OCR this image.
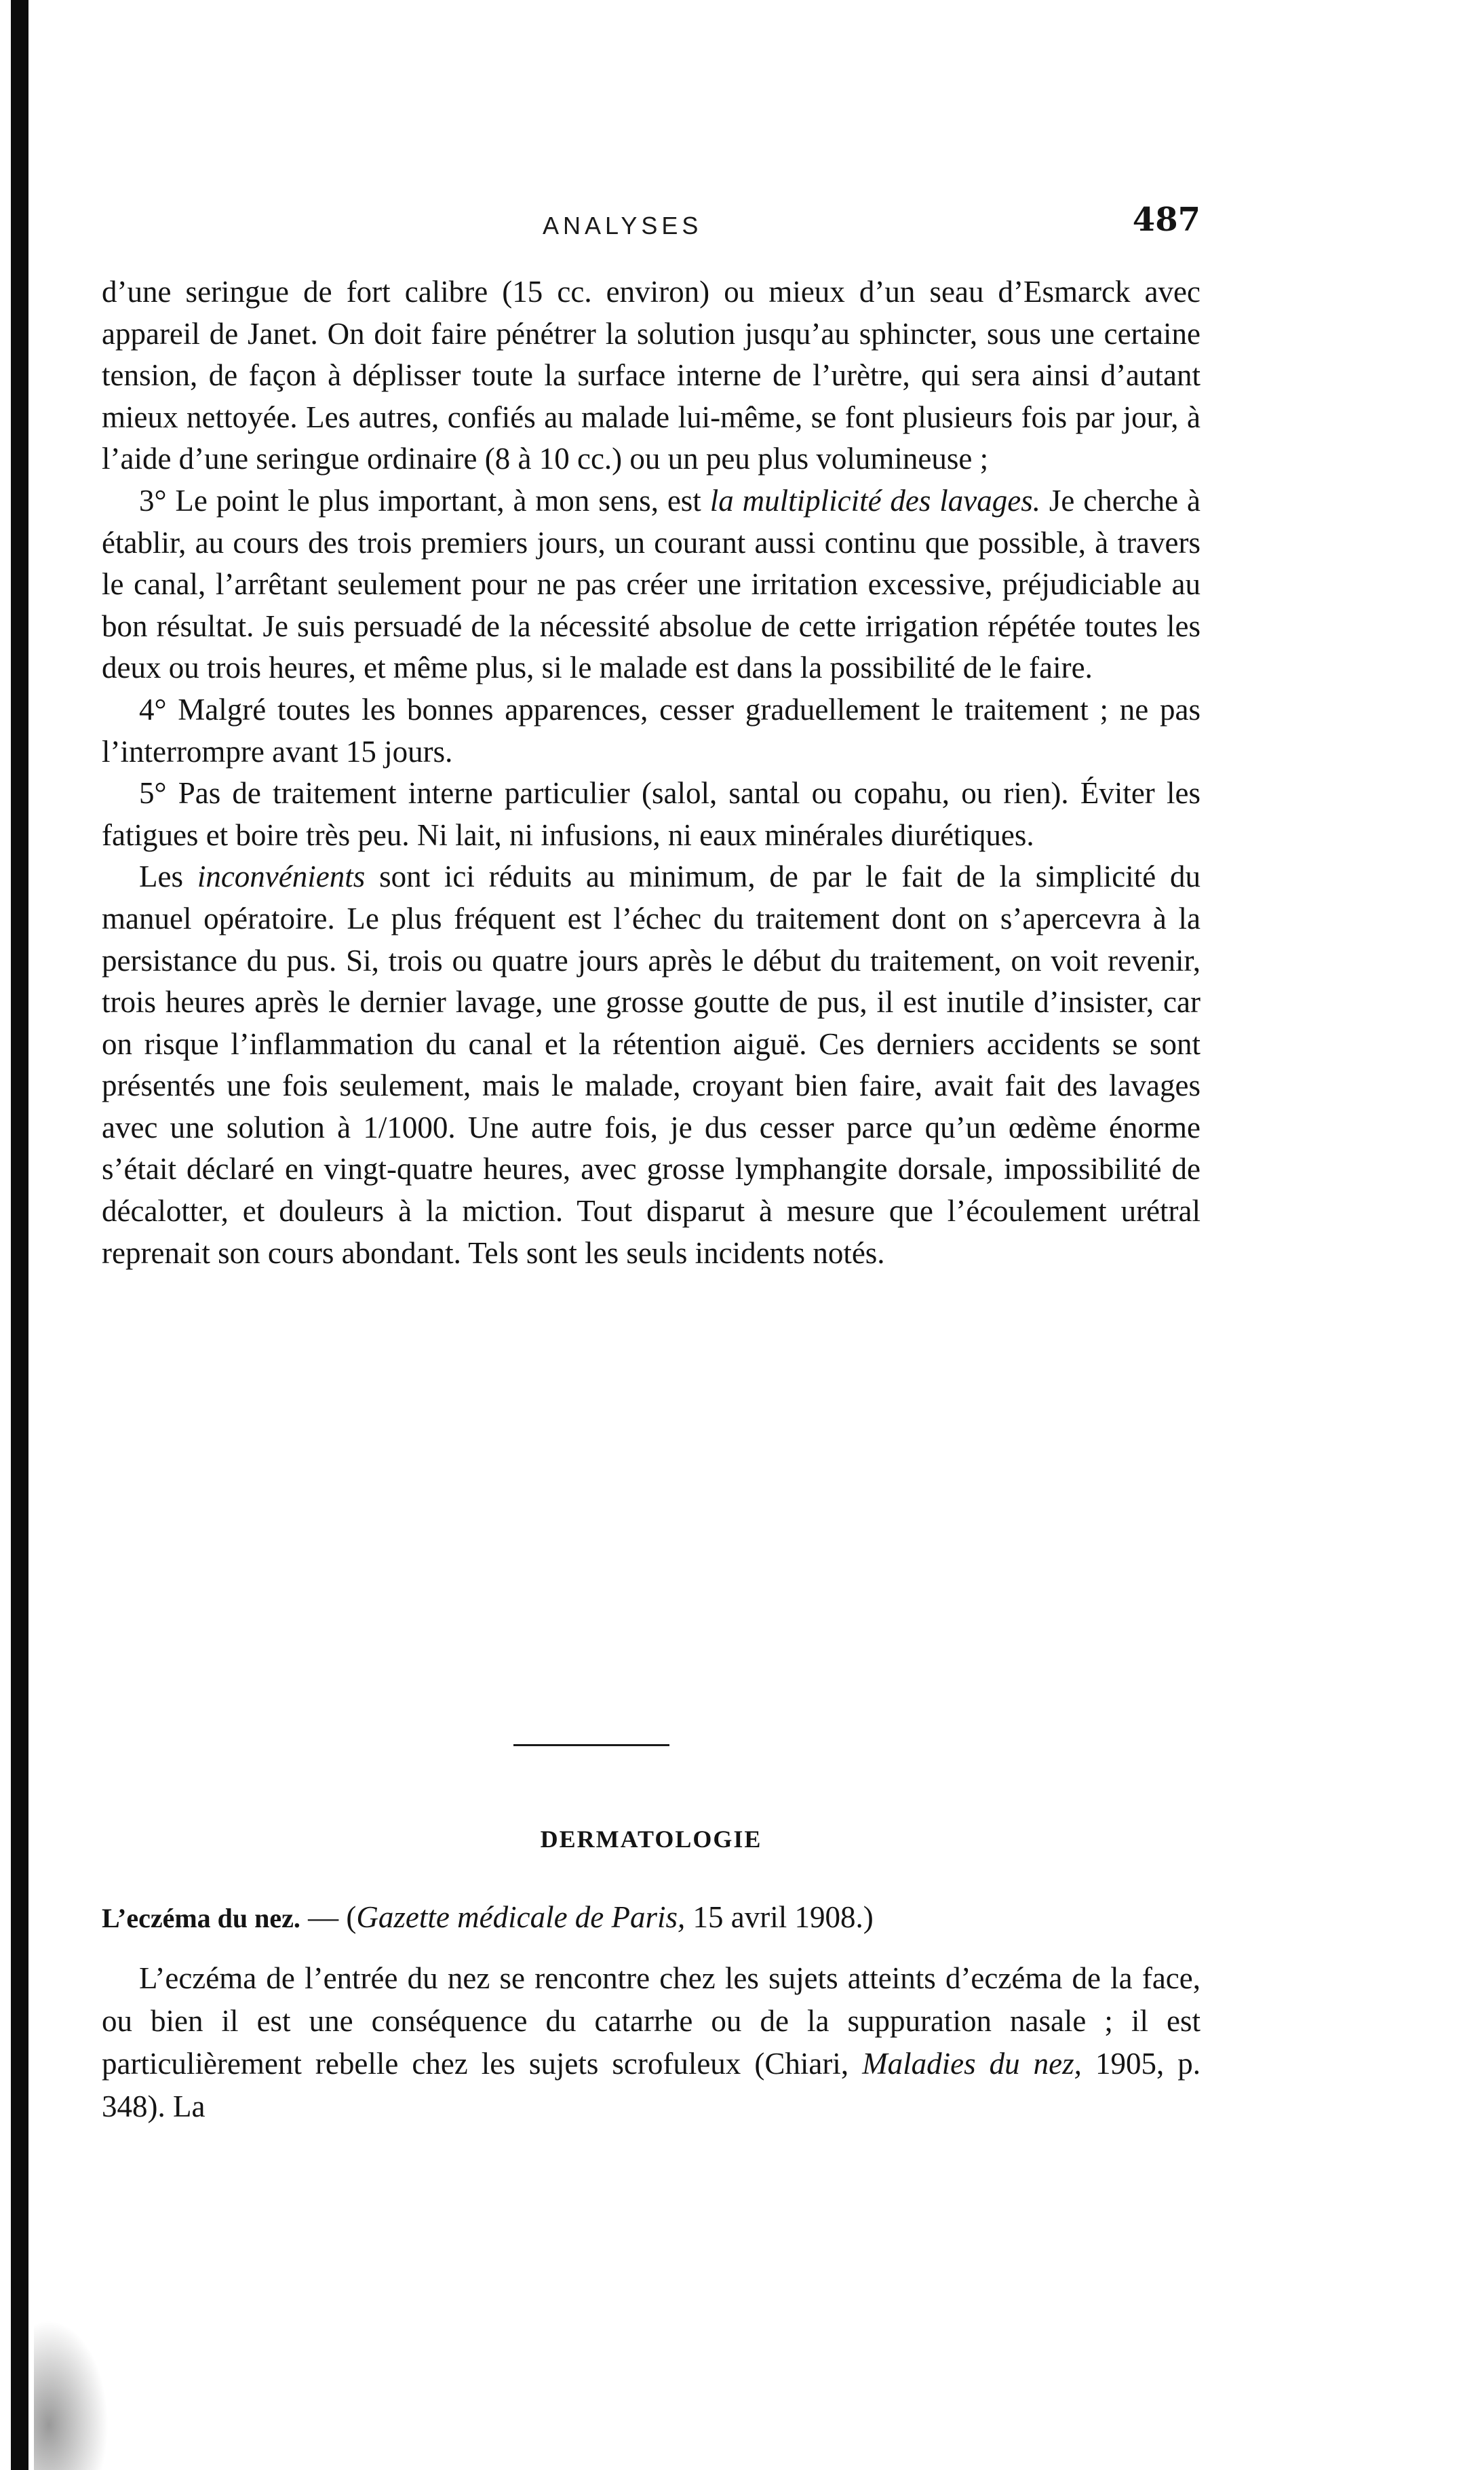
ANALYSES	487

d’une seringue de fort calibre (15 cc. environ) ou mieux d’un seau d’Esmarck avec appareil de Janet. On doit faire pénétrer la solution jusqu’au sphincter, sous une certaine tension, de façon à déplisser toute la surface interne de l’urètre, qui sera ainsi d’autant mieux nettoyée. Les autres, confiés au malade lui-même, se font plusieurs fois par jour, à l’aide d’une seringue ordinaire (8 à 10 cc.) ou un peu plus volumineuse ;

3° Le point le plus important, à mon sens, est la multiplicité des lavages. Je cherche à établir, au cours des trois premiers jours, un courant aussi continu que possible, à travers le canal, l’arrêtant seulement pour ne pas créer une irritation excessive, préjudiciable au bon résultat. Je suis persuadé de la nécessité absolue de cette irrigation répétée toutes les deux ou trois heures, et même plus, si le malade est dans la possibilité de le faire.

4° Malgré toutes les bonnes apparences, cesser graduellement le traitement ; ne pas l’interrompre avant 15 jours.

5° Pas de traitement interne particulier (salol, santal ou copahu, ou rien). Éviter les fatigues et boire très peu. Ni lait, ni infusions, ni eaux minérales diurétiques.

Les inconvénients sont ici réduits au minimum, de par le fait de la simplicité du manuel opératoire. Le plus fréquent est l’échec du traitement dont on s’apercevra à la persistance du pus. Si, trois ou quatre jours après le début du traitement, on voit revenir, trois heures après le dernier lavage, une grosse goutte de pus, il est inutile d’insister, car on risque l’inflammation du canal et la rétention aiguë. Ces derniers accidents se sont présentés une fois seulement, mais le malade, croyant bien faire, avait fait des lavages avec une solution à 1/1000. Une autre fois, je dus cesser parce qu’un œdème énorme s’était déclaré en vingt-quatre heures, avec grosse lymphangite dorsale, impossibilité de décalotter, et douleurs à la miction. Tout disparut à mesure que l’écoulement urétral reprenait son cours abondant. Tels sont les seuls incidents notés.

DERMATOLOGIE
L’eczéma du nez. — (Gazette médicale de Paris, 15 avril 1908.)

L’eczéma de l’entrée du nez se rencontre chez les sujets atteints d’eczéma de la face, ou bien il est une conséquence du catarrhe ou de la suppuration nasale ; il est particulièrement rebelle chez les sujets scrofuleux (Chiari, Maladies du nez, 1905, p. 348). La
